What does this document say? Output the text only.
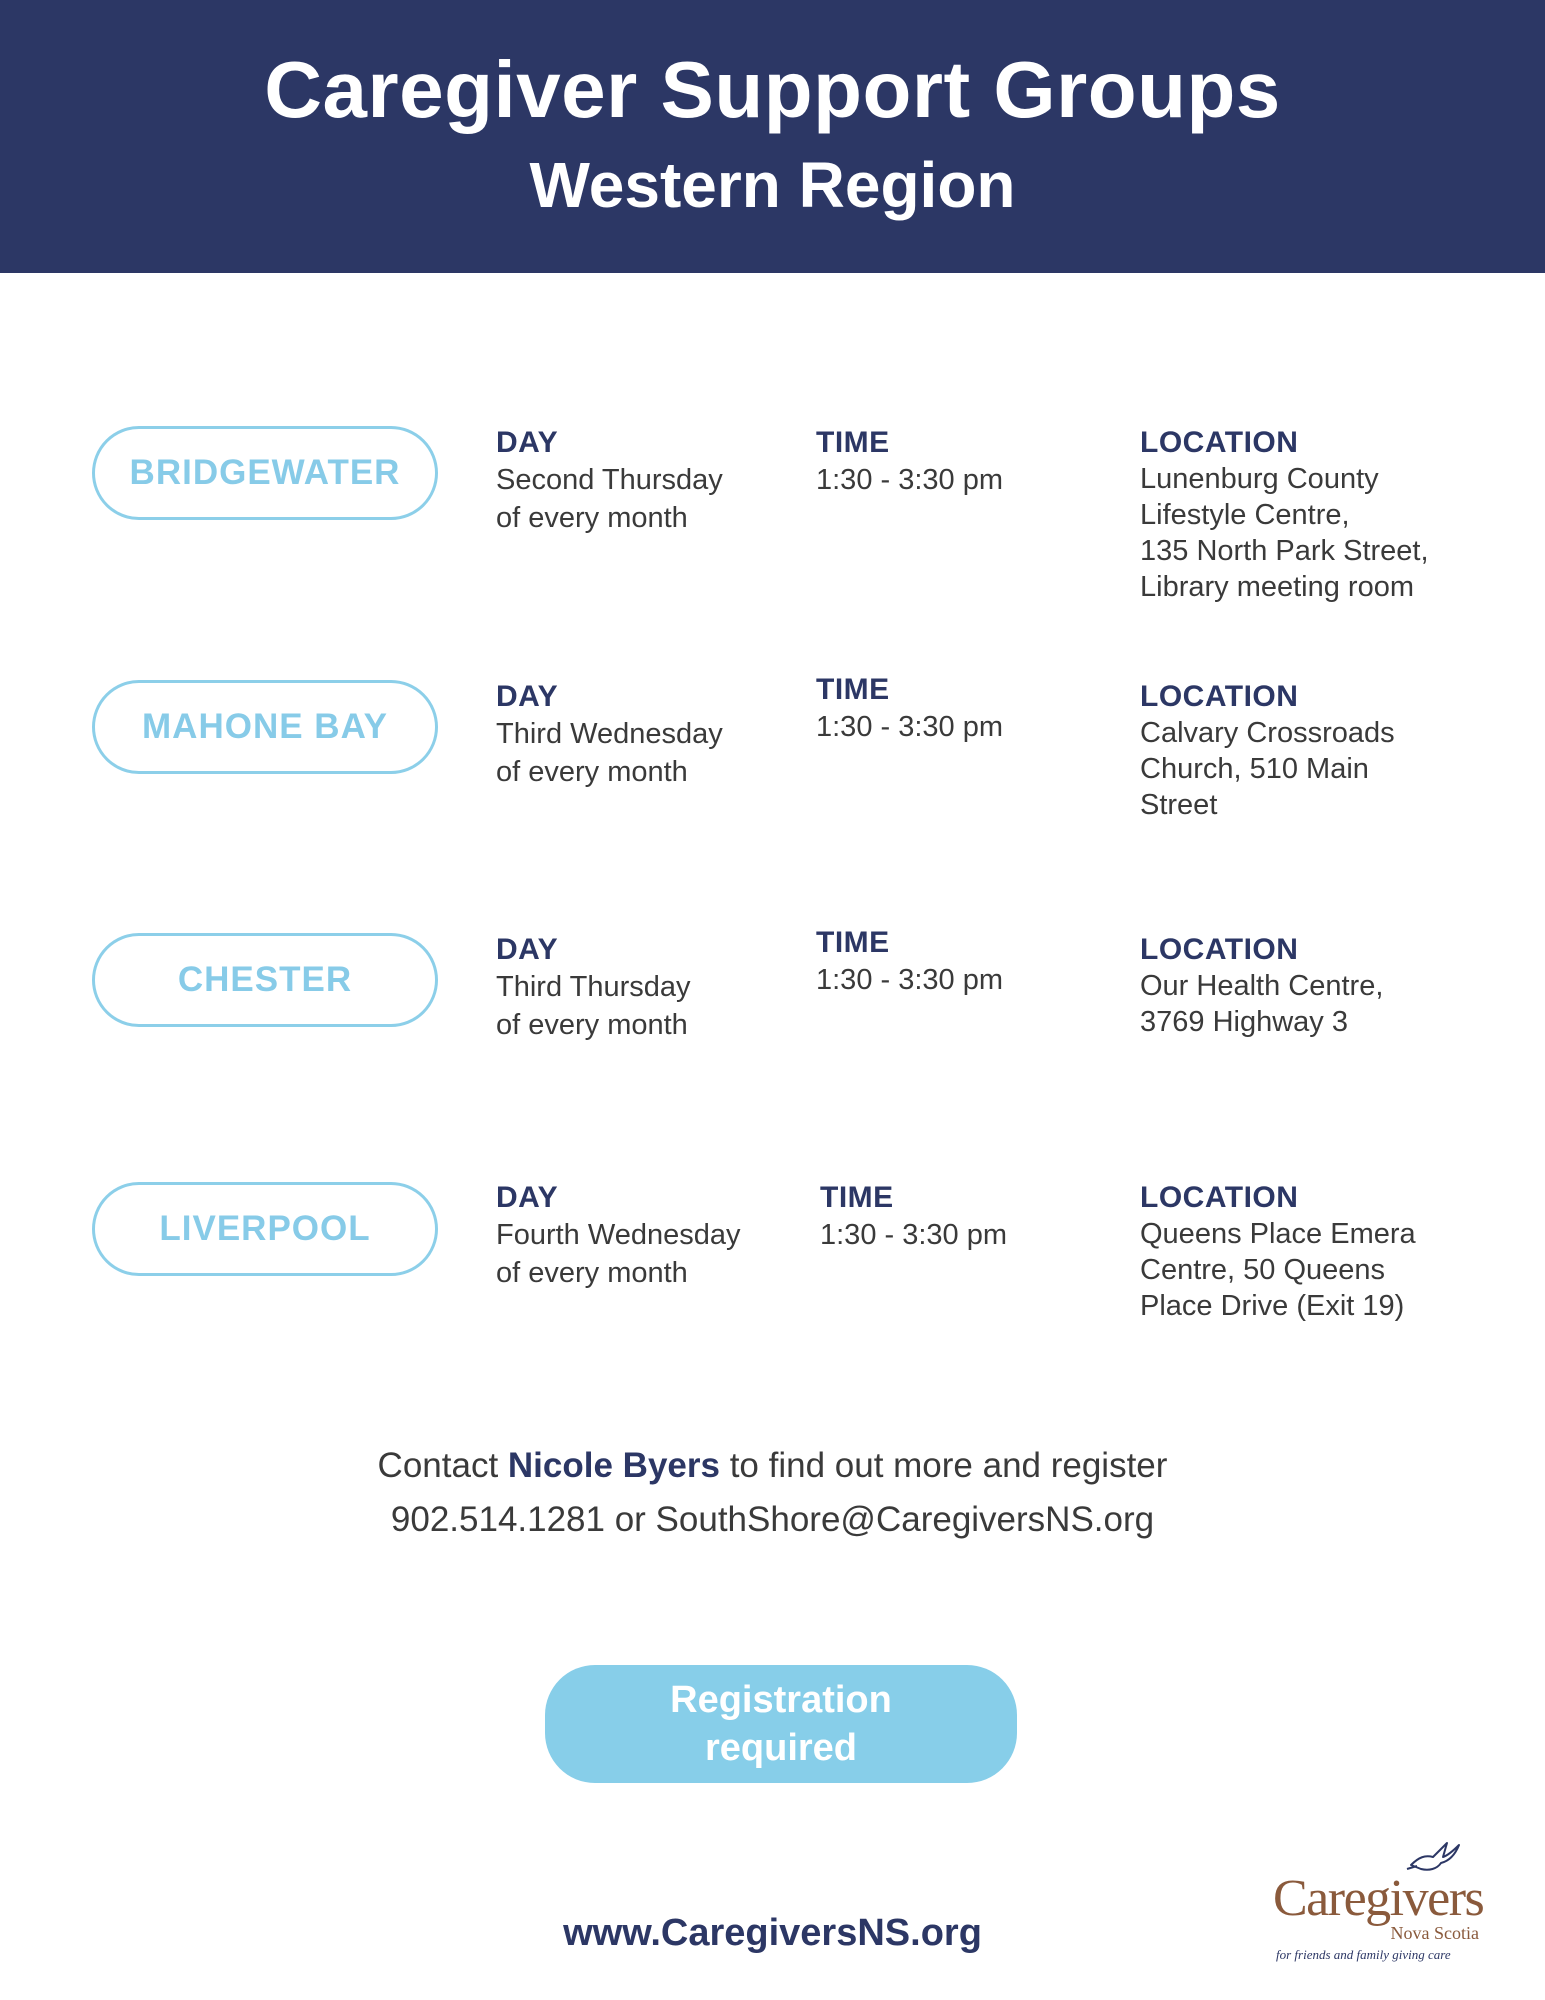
Caregiver Support Groups
Western Region
BRIDGEWATER
DAY
Second Thursday
of every month
TIME
1:30 - 3:30 pm
LOCATION
Lunenburg County
Lifestyle Centre,
135 North Park Street,
Library meeting room
MAHONE BAY
DAY
Third Wednesday
of every month
TIME
1:30 - 3:30 pm
LOCATION
Calvary Crossroads
Church, 510 Main
Street
CHESTER
DAY
Third Thursday
of every month
TIME
1:30 - 3:30 pm
LOCATION
Our Health Centre,
3769 Highway 3
LIVERPOOL
DAY
Fourth Wednesday
of every month
TIME
1:30 - 3:30 pm
LOCATION
Queens Place Emera
Centre, 50 Queens
Place Drive (Exit 19)
Contact Nicole Byers to find out more and register
902.514.1281 or SouthShore@CaregiversNS.org
Registration
required
www.CaregiversNS.org
Caregivers
Nova Scotia
for friends and family giving care
